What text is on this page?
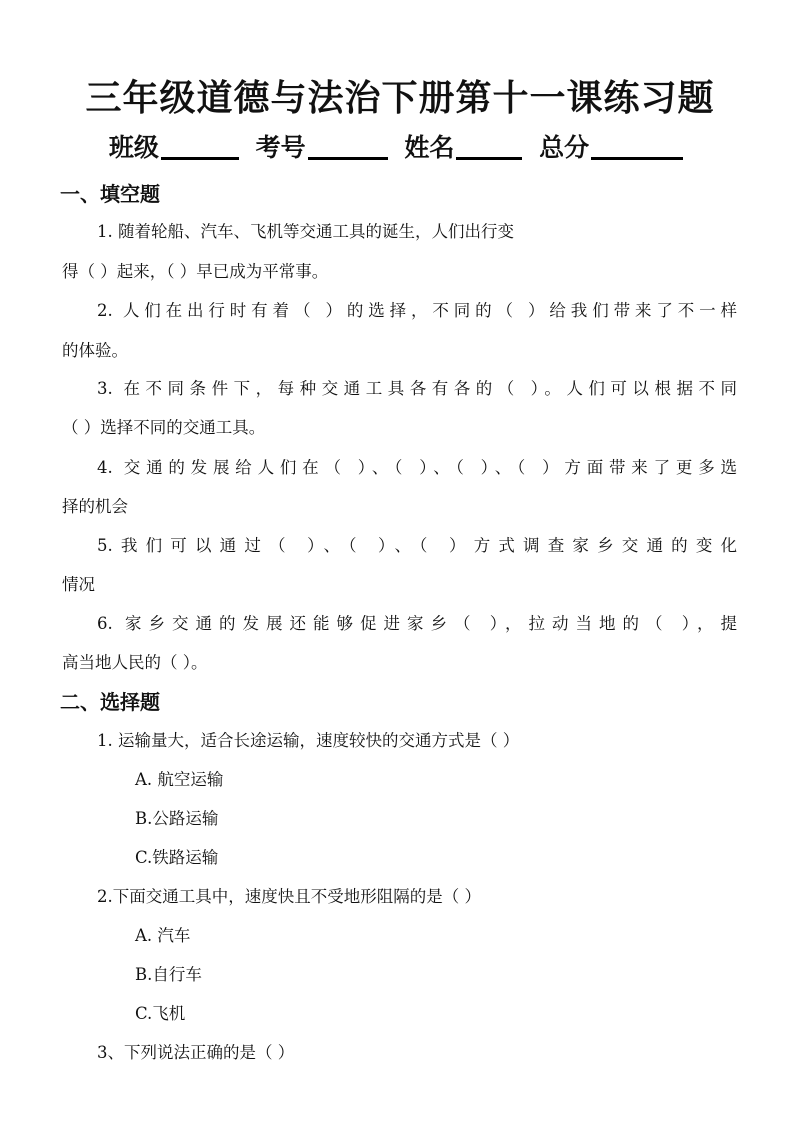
三年级道德与法治下册第十一课练习题
班级	考号	姓名	总分
一、填空题
1. 随着轮船、汽车、飞机等交通工具的诞生，人们出行变
得（ ）起来，（ ）早已成为平常事。
2. 人们在出行时有着（ ）的选择，不同的（ ）给我们带来了不一样
的体验。
3. 在不同条件下，每种交通工具各有各的（ ）。人们可以根据不同
（ ）选择不同的交通工具。
4. 交通的发展给人们在（ ）、（ ）、（ ）、（ ）方面带来了更多选
择的机会
5.我们可以通过（ ）、（ ）、（ ）方式调查家乡交通的变化
情况
6. 家乡交通的发展还能够促进家乡（ ），拉动当地的（ ），提
高当地人民的（ ）。
二、选择题
1. 运输量大，适合长途运输，速度较快的交通方式是（ ）
A. 航空运输
B.公路运输
C.铁路运输
2.下面交通工具中，速度快且不受地形阻隔的是（ ）
A. 汽车
B.自行车
C.飞机
3、下列说法正确的是（ ）
